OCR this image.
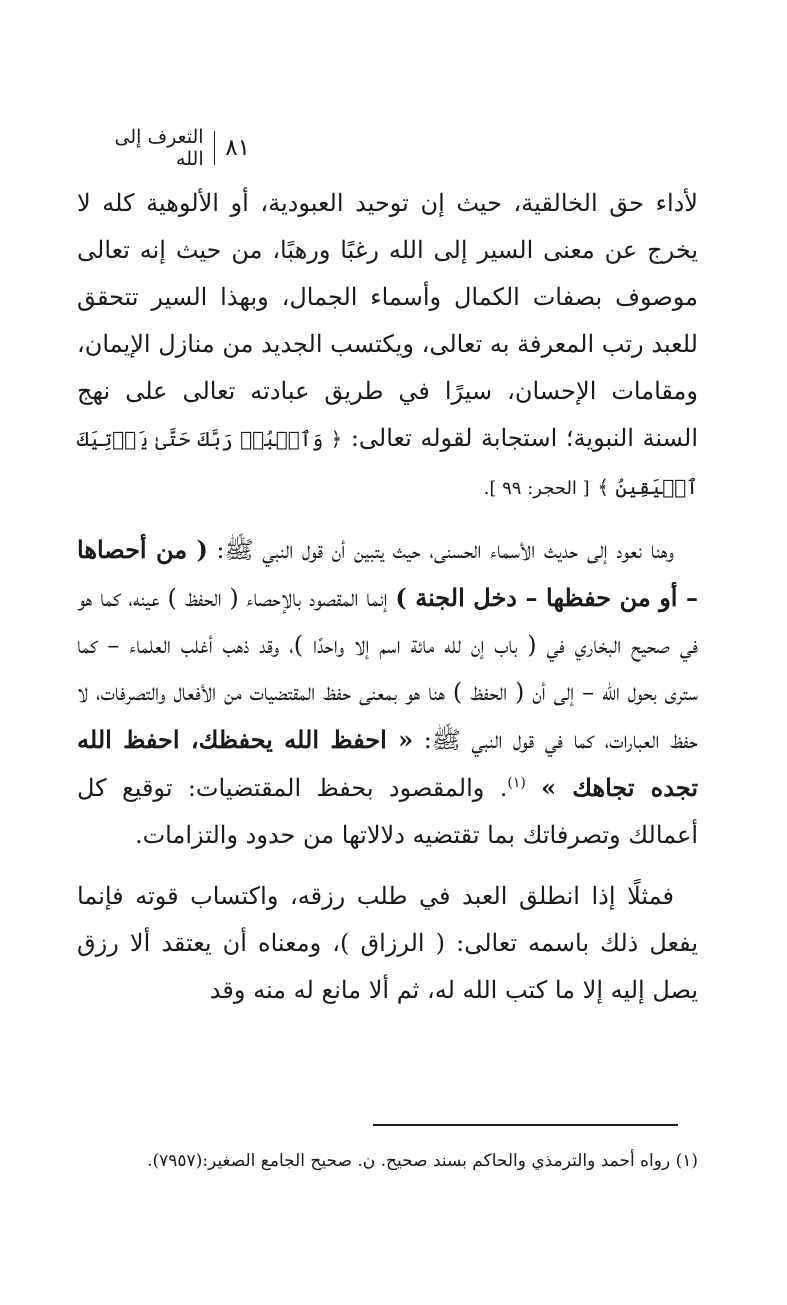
٨١
التعرف إلى الله

لأداء حق الخالقية، حيث إن توحيد العبودية، أو الألوهية كله لا يخرج عن معنى السير إلى الله رغبًا ورهبًا، من حيث إنه تعالى موصوف بصفات الكمال وأسماء الجمال، وبهذا السير تتحقق للعبد رتب المعرفة به تعالى، ويكتسب الجديد من منازل الإيمان، ومقامات الإحسان، سيرًا في طريق عبادته تعالى على نهج السنة النبوية؛ استجابة لقوله تعالى: ﴿ وَٱعۡبُدۡ رَبَّكَ حَتَّىٰ يَأۡتِيَكَ ٱلۡيَقِينُ ﴾ [ الحجر: ٩٩ ].

وهنا نعود إلى حديث الأسماء الحسنى، حيث يتبين أن قول النبي ﷺ: ( من أحصاها – أو من حفظها – دخل الجنة ) إنما المقصود بالإحصاء ( الحفظ ) عينه، كما هو في صحيح البخاري في ( باب إن لله مائة اسم إلا واحدًا )، وقد ذهب أغلب العلماء – كما سترى بحول الله – إلى أن ( الحفظ ) هنا هو بمعنى حفظ المقتضيات من الأفعال والتصرفات، لا حفظ العبارات، كما في قول النبي ﷺ: « احفظ الله يحفظك، احفظ الله تجده تجاهك » $^{(١)}$. والمقصود بحفظ المقتضيات: توقيع كل أعمالك وتصرفاتك بما تقتضيه دلالاتها من حدود والتزامات.

فمثلًا إذا انطلق العبد في طلب رزقه، واكتساب قوته فإنما يفعل ذلك باسمه تعالى: ( الرزاق )، ومعناه أن يعتقد ألا رزق يصل إليه إلا ما كتب الله له، ثم ألا مانع له منه وقد

(١) رواه أحمد والترمذي والحاكم بسند صحيح. ن. صحيح الجامع الصغير:(٧٩٥٧).
